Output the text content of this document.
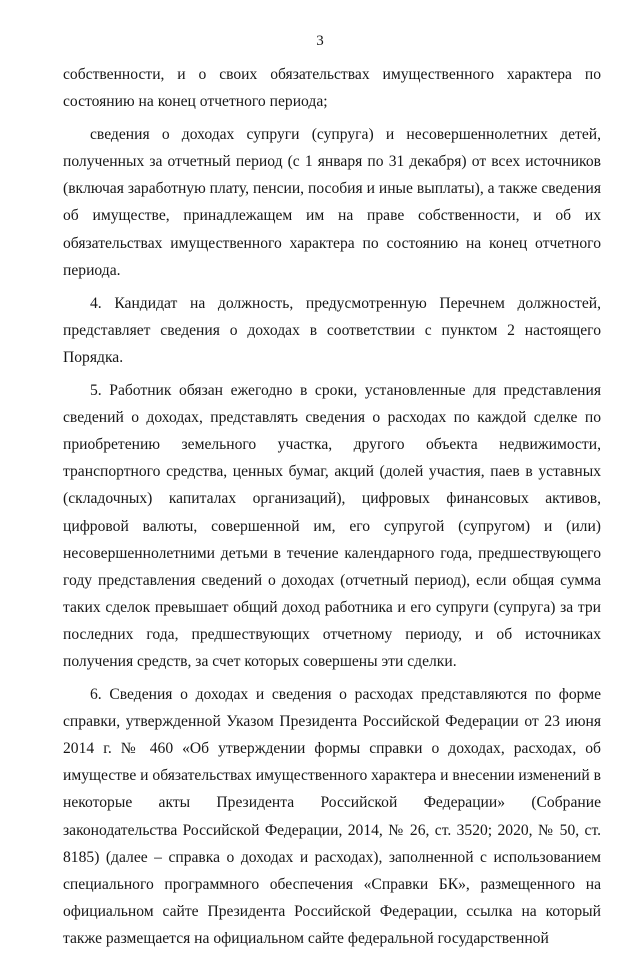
3

собственности, и о своих обязательствах имущественного характера по состоянию на конец отчетного периода;

сведения о доходах супруги (супруга) и несовершеннолетних детей, полученных за отчетный период (с 1 января по 31 декабря) от всех источников (включая заработную плату, пенсии, пособия и иные выплаты), а также сведения об имуществе, принадлежащем им на праве собственности, и об их обязательствах имущественного характера по состоянию на конец отчетного периода.

4. Кандидат на должность, предусмотренную Перечнем должностей, представляет сведения о доходах в соответствии с пунктом 2 настоящего Порядка.

5. Работник обязан ежегодно в сроки, установленные для представления сведений о доходах, представлять сведения о расходах по каждой сделке по приобретению земельного участка, другого объекта недвижимости, транспортного средства, ценных бумаг, акций (долей участия, паев в уставных (складочных) капиталах организаций), цифровых финансовых активов, цифровой валюты, совершенной им, его супругой (супругом) и (или) несовершеннолетними детьми в течение календарного года, предшествующего году представления сведений о доходах (отчетный период), если общая сумма таких сделок превышает общий доход работника и его супруги (супруга) за три последних года, предшествующих отчетному периоду, и об источниках получения средств, за счет которых совершены эти сделки.

6. Сведения о доходах и сведения о расходах представляются по форме справки, утвержденной Указом Президента Российской Федерации от 23 июня 2014 г. № 460 «Об утверждении формы справки о доходах, расходах, об имуществе и обязательствах имущественного характера и внесении изменений в некоторые акты Президента Российской Федерации» (Собрание законодательства Российской Федерации, 2014, № 26, ст. 3520; 2020, № 50, ст. 8185) (далее – справка о доходах и расходах), заполненной с использованием специального программного обеспечения «Справки БК», размещенного на официальном сайте Президента Российской Федерации, ссылка на который также размещается на официальном сайте федеральной государственной
